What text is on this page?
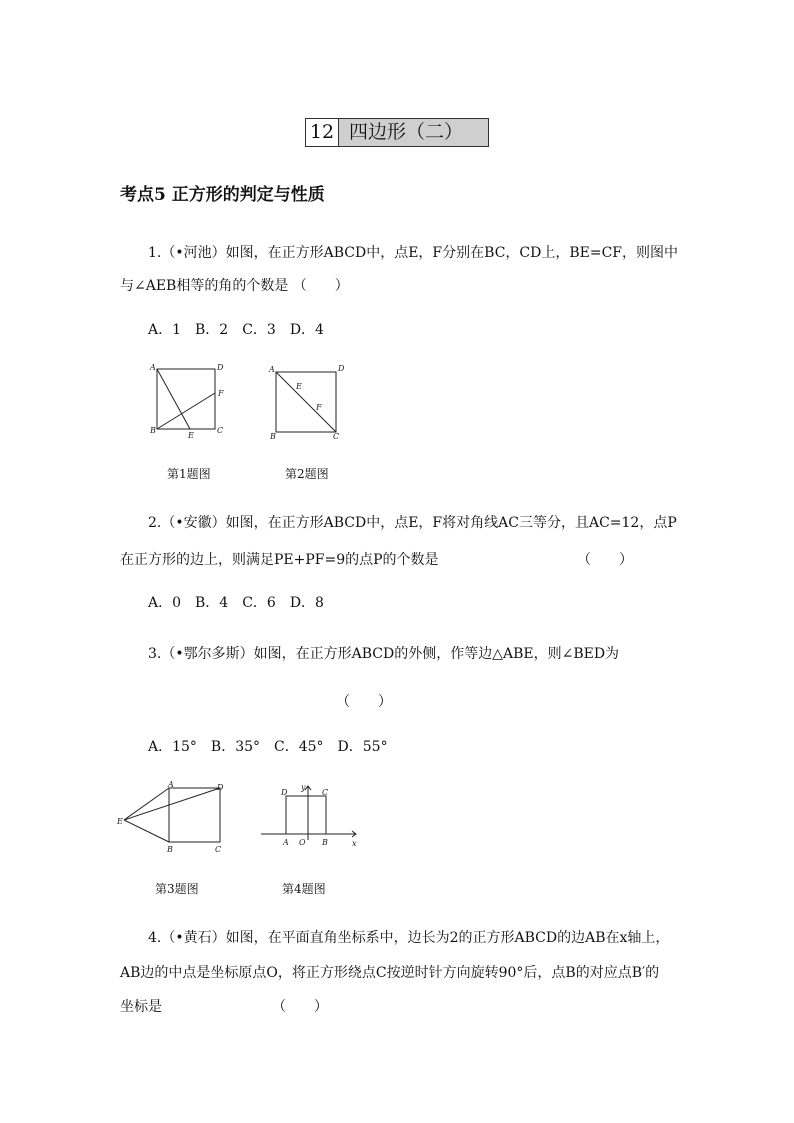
12 四边形（二）
考点5 正方形的判定与性质
1.（•河池）如图，在正方形ABCD中，点E，F分别在BC，CD上，BE=CF，则图中
与∠AEB相等的角的个数是 （　　）
A．1　B．2　C．3　D．4
A	D
B	C
E
F
第1题图
A	D
B	C
E
F
第2题图
2.（•安徽）如图，在正方形ABCD中，点E，F将对角线AC三等分，且AC=12，点P
在正方形的边上，则满足PE+PF=9的点P的个数是	（　　）
A．0　B．4　C．6　D．8
3.（•鄂尔多斯）如图，在正方形ABCD的外侧，作等边△ABE，则∠BED为
（　　）
A．15°　B．35°　C．45°　D．55°
A	D
B	C
E
第3题图
y
D	C
A O B	x
第4题图
4.（•黄石）如图，在平面直角坐标系中，边长为2的正方形ABCD的边AB在x轴上，
AB边的中点是坐标原点O，将正方形绕点C按逆时针方向旋转90°后，点B的对应点B′的
坐标是	（　　）
